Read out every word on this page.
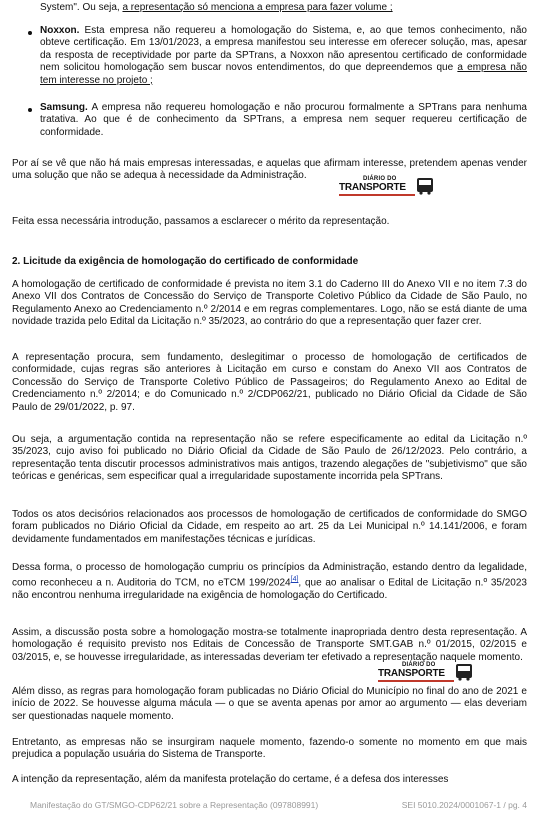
System". Ou seja, a representação só menciona a empresa para fazer volume ;

Noxxon. Esta empresa não requereu a homologação do Sistema, e, ao que temos conhecimento, não obteve certificação. Em 13/01/2023, a empresa manifestou seu interesse em oferecer solução, mas, apesar da resposta de receptividade por parte da SPTrans, a Noxxon não apresentou certificado de conformidade nem solicitou homologação sem buscar novos entendimentos, do que depreendemos que a empresa não tem interesse no projeto ;

Samsung. A empresa não requereu homologação e não procurou formalmente a SPTrans para nenhuma tratativa. Ao que é de conhecimento da SPTrans, a empresa nem sequer requereu certificação de conformidade.

Por aí se vê que não há mais empresas interessadas, e aquelas que afirmam interesse, pretendem apenas vender uma solução que não se adequa à necessidade da Administração.	DIÁRIO DO
TRANSPORTE

Feita essa necessária introdução, passamos a esclarecer o mérito da representação.

2. Licitude da exigência de homologação do certificado de conformidade

A homologação de certificado de conformidade é prevista no item 3.1 do Caderno III do Anexo VII e no item 7.3 do Anexo VII dos Contratos de Concessão do Serviço de Transporte Coletivo Público da Cidade de São Paulo, no Regulamento Anexo ao Credenciamento n.º 2/2014 e em regras complementares. Logo, não se está diante de uma novidade trazida pelo Edital da Licitação n.º 35/2023, ao contrário do que a representação quer fazer crer.

A representação procura, sem fundamento, deslegitimar o processo de homologação de certificados de conformidade, cujas regras são anteriores à Licitação em curso e constam do Anexo VII aos Contratos de Concessão do Serviço de Transporte Coletivo Público de Passageiros; do Regulamento Anexo ao Edital de Credenciamento n.º 2/2014; e do Comunicado n.º 2/CDP062/21, publicado no Diário Oficial da Cidade de São Paulo de 29/01/2022, p. 97.

Ou seja, a argumentação contida na representação não se refere especificamente ao edital da Licitação n.º 35/2023, cujo aviso foi publicado no Diário Oficial da Cidade de São Paulo de 26/12/2023. Pelo contrário, a representação tenta discutir processos administrativos mais antigos, trazendo alegações de "subjetivismo" que são teóricas e genéricas, sem especificar qual a irregularidade supostamente incorrida pela SPTrans.

Todos os atos decisórios relacionados aos processos de homologação de certificados de conformidade do SMGO foram publicados no Diário Oficial da Cidade, em respeito ao art. 25 da Lei Municipal n.º 14.141/2006, e foram devidamente fundamentados em manifestações técnicas e jurídicas.

Dessa forma, o processo de homologação cumpriu os princípios da Administração, estando dentro da legalidade, como reconheceu a n. Auditoria do TCM, no eTCM 199/2024[4], que ao analisar o Edital de Licitação n.º 35/2023 não encontrou nenhuma irregularidade na exigência de homologação do Certificado.

Assim, a discussão posta sobre a homologação mostra-se totalmente inapropriada dentro desta representação. A homologação é requisito previsto nos Editais de Concessão de Transporte SMT.GAB n.º 01/2015, 02/2015 e 03/2015, e, se houvesse irregularidade, as interessadas deveriam ter efetivado a representação naquele momento.

DIÁRIO DO
TRANSPORTE

Além disso, as regras para homologação foram publicadas no Diário Oficial do Município no final do ano de 2021 e início de 2022. Se houvesse alguma mácula — o que se aventa apenas por amor ao argumento — elas deveriam ser questionadas naquele momento.

Entretanto, as empresas não se insurgiram naquele momento, fazendo-o somente no momento em que mais prejudica a população usuária do Sistema de Transporte.

A intenção da representação, além da manifesta protelação do certame, é a defesa dos interesses

Manifestação do GT/SMGO-CDP62/21 sobre a Representação (097808991)	SEI 5010.2024/0001067-1 / pg. 4
